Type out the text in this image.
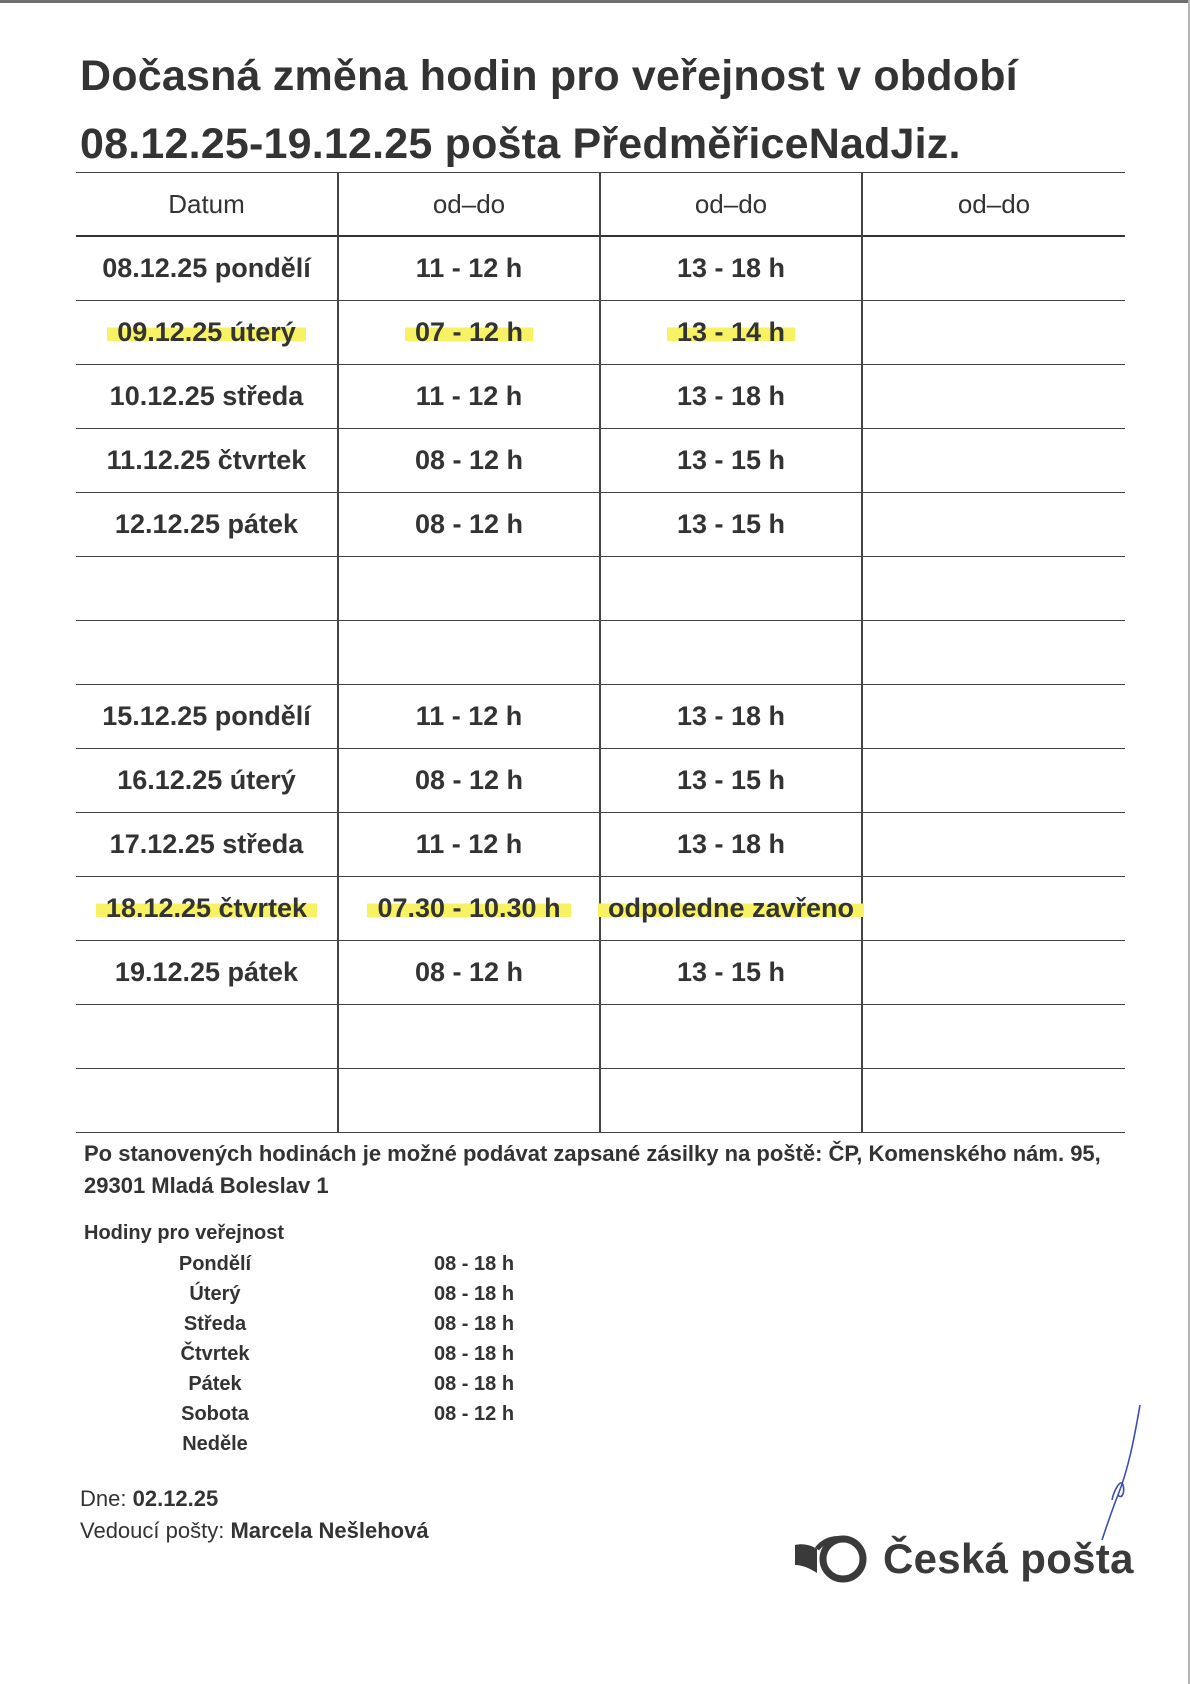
Dočasná změna hodin pro veřejnost v období
08.12.25-19.12.25 pošta PředměřiceNadJiz.
Datum	od–do	od–do	od–do
08.12.25 pondělí	11 - 12 h	13 - 18 h	
09.12.25 úterý	07 - 12 h	13 - 14 h	
10.12.25 středa	11 - 12 h	13 - 18 h	
11.12.25 čtvrtek	08 - 12 h	13 - 15 h	
12.12.25 pátek	08 - 12 h	13 - 15 h	

15.12.25 pondělí	11 - 12 h	13 - 18 h	
16.12.25 úterý	08 - 12 h	13 - 15 h	
17.12.25 středa	11 - 12 h	13 - 18 h	
18.12.25 čtvrtek	07.30 - 10.30 h	odpoledne zavřeno	
19.12.25 pátek	08 - 12 h	13 - 15 h	

Po stanovených hodinách je možné podávat zapsané zásilky na poště: ČP, Komenského nám. 95, 29301 Mladá Boleslav 1
Hodiny pro veřejnost
Pondělí	08 - 18 h
Úterý	08 - 18 h
Středa	08 - 18 h
Čtvrtek	08 - 18 h
Pátek	08 - 18 h
Sobota	08 - 12 h
Neděle
Dne: 02.12.25
Vedoucí pošty: Marcela Nešlehová
Česká pošta
